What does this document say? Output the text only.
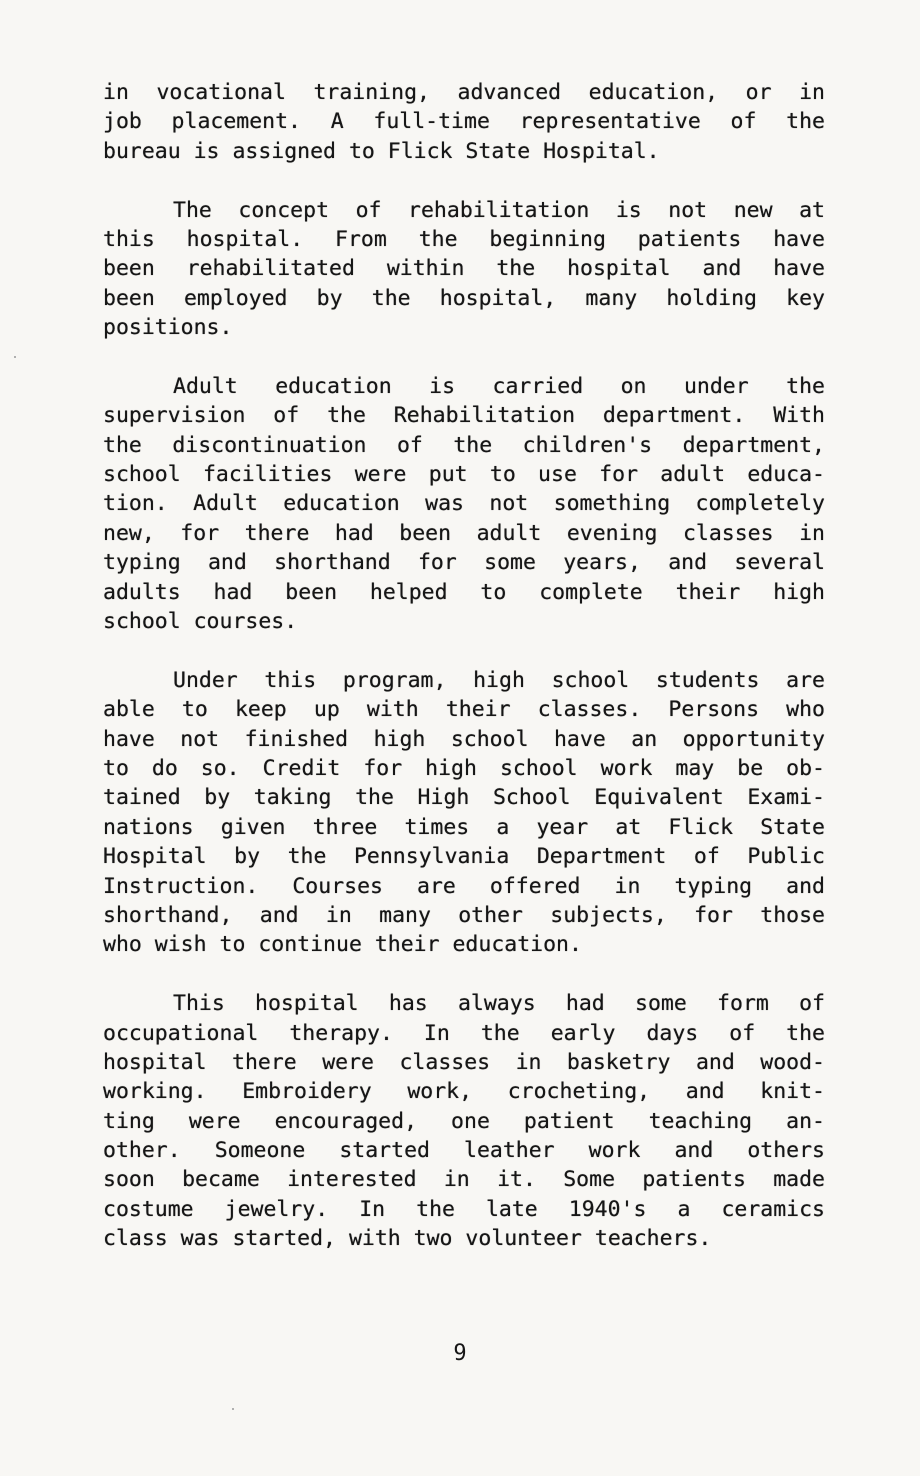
in vocational training, advanced education, or in
job placement. A full-time representative of the
bureau is assigned to Flick State Hospital.
The concept of rehabilitation is not new at
this hospital. From the beginning patients have
been rehabilitated within the hospital and have
been employed by the hospital, many holding key
positions.
Adult education is carried on under the
supervision of the Rehabilitation department. With
the discontinuation of the children's department,
school facilities were put to use for adult educa-
tion. Adult education was not something completely
new, for there had been adult evening classes in
typing and shorthand for some years, and several
adults had been helped to complete their high
school courses.
Under this program, high school students are
able to keep up with their classes. Persons who
have not finished high school have an opportunity
to do so. Credit for high school work may be ob-
tained by taking the High School Equivalent Exami-
nations given three times a year at Flick State
Hospital by the Pennsylvania Department of Public
Instruction. Courses are offered in typing and
shorthand, and in many other subjects, for those
who wish to continue their education.
This hospital has always had some form of
occupational therapy. In the early days of the
hospital there were classes in basketry and wood-
working. Embroidery work, crocheting, and knit-
ting were encouraged, one patient teaching an-
other. Someone started leather work and others
soon became interested in it. Some patients made
costume jewelry. In the late 1940's a ceramics
class was started, with two volunteer teachers.
9
